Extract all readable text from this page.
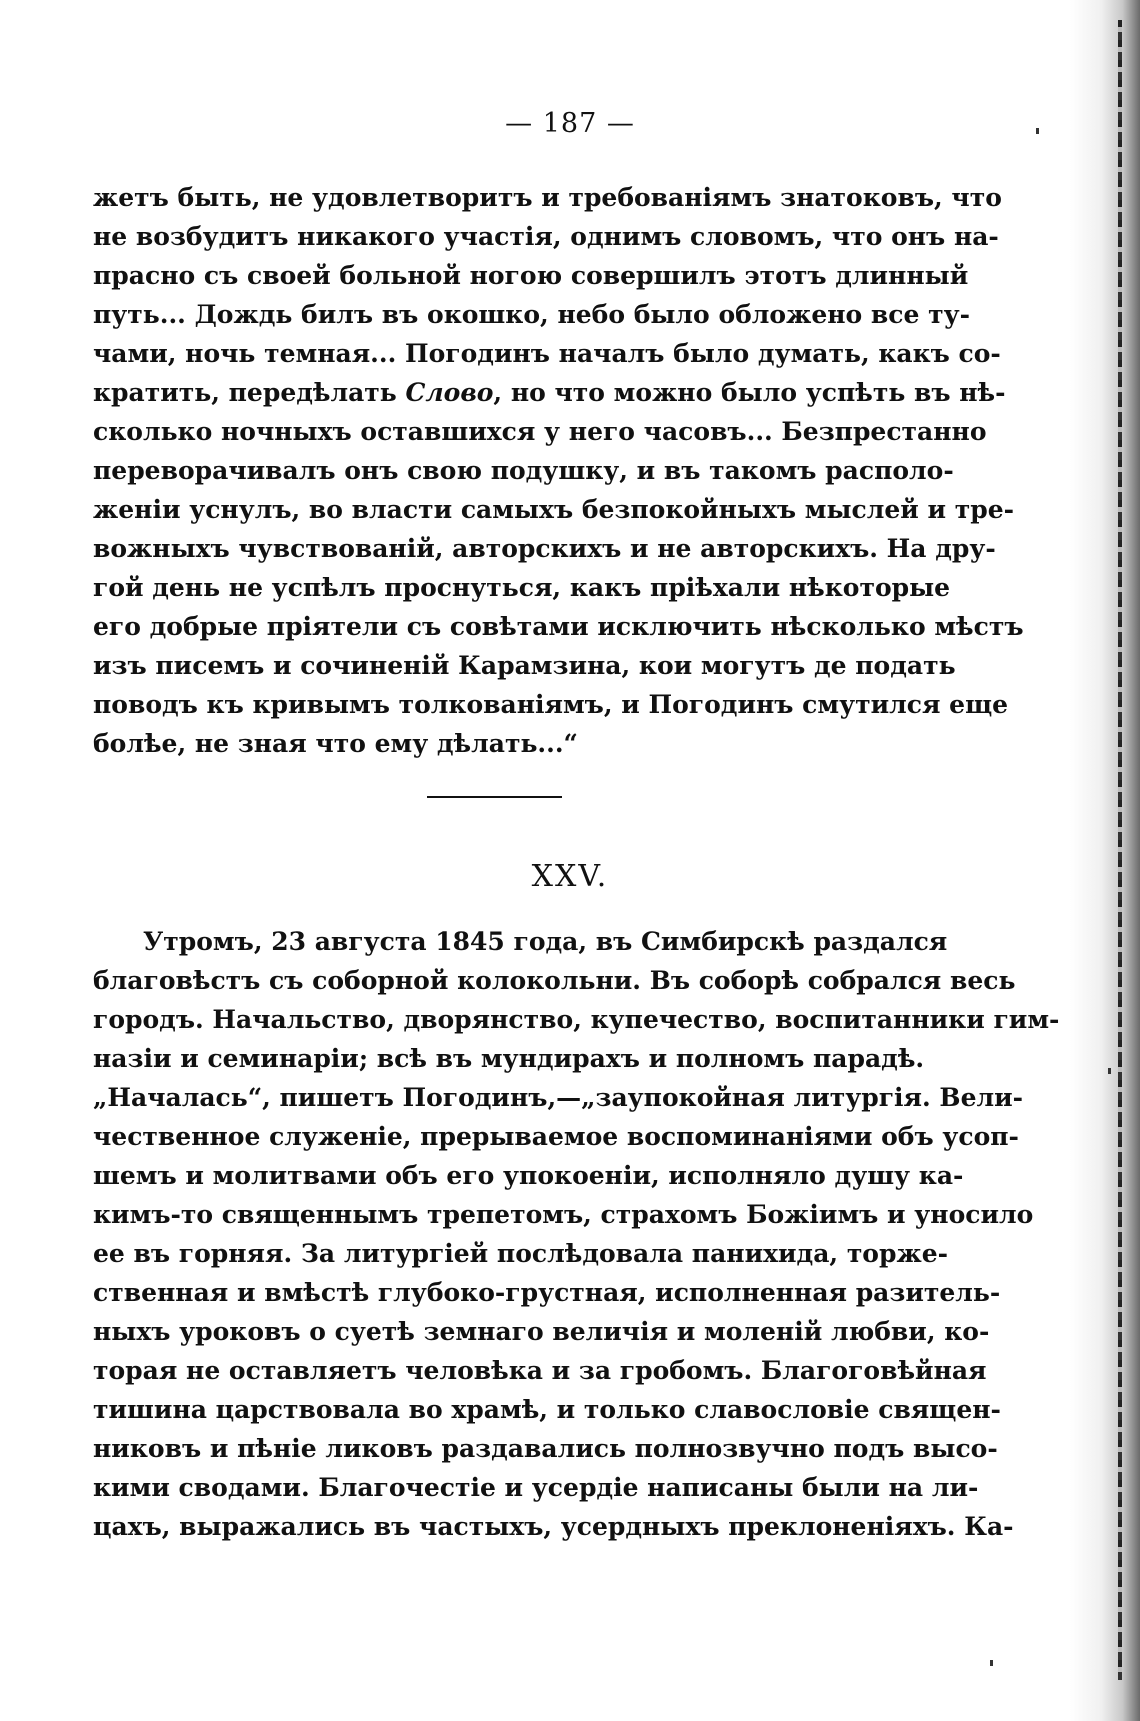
— 187 —
жетъ быть, не удовлетворитъ и требованіямъ знатоковъ, что
не возбудитъ никакого участія, однимъ словомъ, что онъ на-
прасно съ своей больной ногою совершилъ этотъ длинный
путь... Дождь билъ въ окошко, небо было обложено все ту-
чами, ночь темная... Погодинъ началъ было думать, какъ со-
кратить, передѣлать Слово, но что можно было успѣть въ нѣ-
сколько ночныхъ оставшихся у него часовъ... Безпрестанно
переворачивалъ онъ свою подушку, и въ такомъ располо-
женіи уснулъ, во власти самыхъ безпокойныхъ мыслей и тре-
вожныхъ чувствованій, авторскихъ и не авторскихъ. На дру-
гой день не успѣлъ проснуться, какъ пріѣхали нѣкоторые
его добрые пріятели съ совѣтами исключить нѣсколько мѣстъ
изъ писемъ и сочиненій Карамзина, кои могутъ де подать
поводъ къ кривымъ толкованіямъ, и Погодинъ смутился еще
болѣе, не зная что ему дѣлать...“
XXV.
Утромъ, 23 августа 1845 года, въ Симбирскѣ раздался
благовѣстъ съ соборной колокольни. Въ соборѣ собрался весь
городъ. Начальство, дворянство, купечество, воспитанники гим-
назіи и семинаріи; всѣ въ мундирахъ и полномъ парадѣ.
„Началась“, пишетъ Погодинъ,—„заупокойная литургія. Вели-
чественное служеніе, прерываемое воспоминаніями объ усоп-
шемъ и молитвами объ его упокоеніи, исполняло душу ка-
кимъ-то священнымъ трепетомъ, страхомъ Божіимъ и уносило
ее въ горняя. За литургіей послѣдовала панихида, торже-
ственная и вмѣстѣ глубоко-грустная, исполненная разитель-
ныхъ уроковъ о суетѣ земнаго величія и моленій любви, ко-
торая не оставляетъ человѣка и за гробомъ. Благоговѣйная
тишина царствовала во храмѣ, и только славословіе священ-
никовъ и пѣніе ликовъ раздавались полнозвучно подъ высо-
кими сводами. Благочестіе и усердіе написаны были на ли-
цахъ, выражались въ частыхъ, усердныхъ преклоненіяхъ. Ка-
